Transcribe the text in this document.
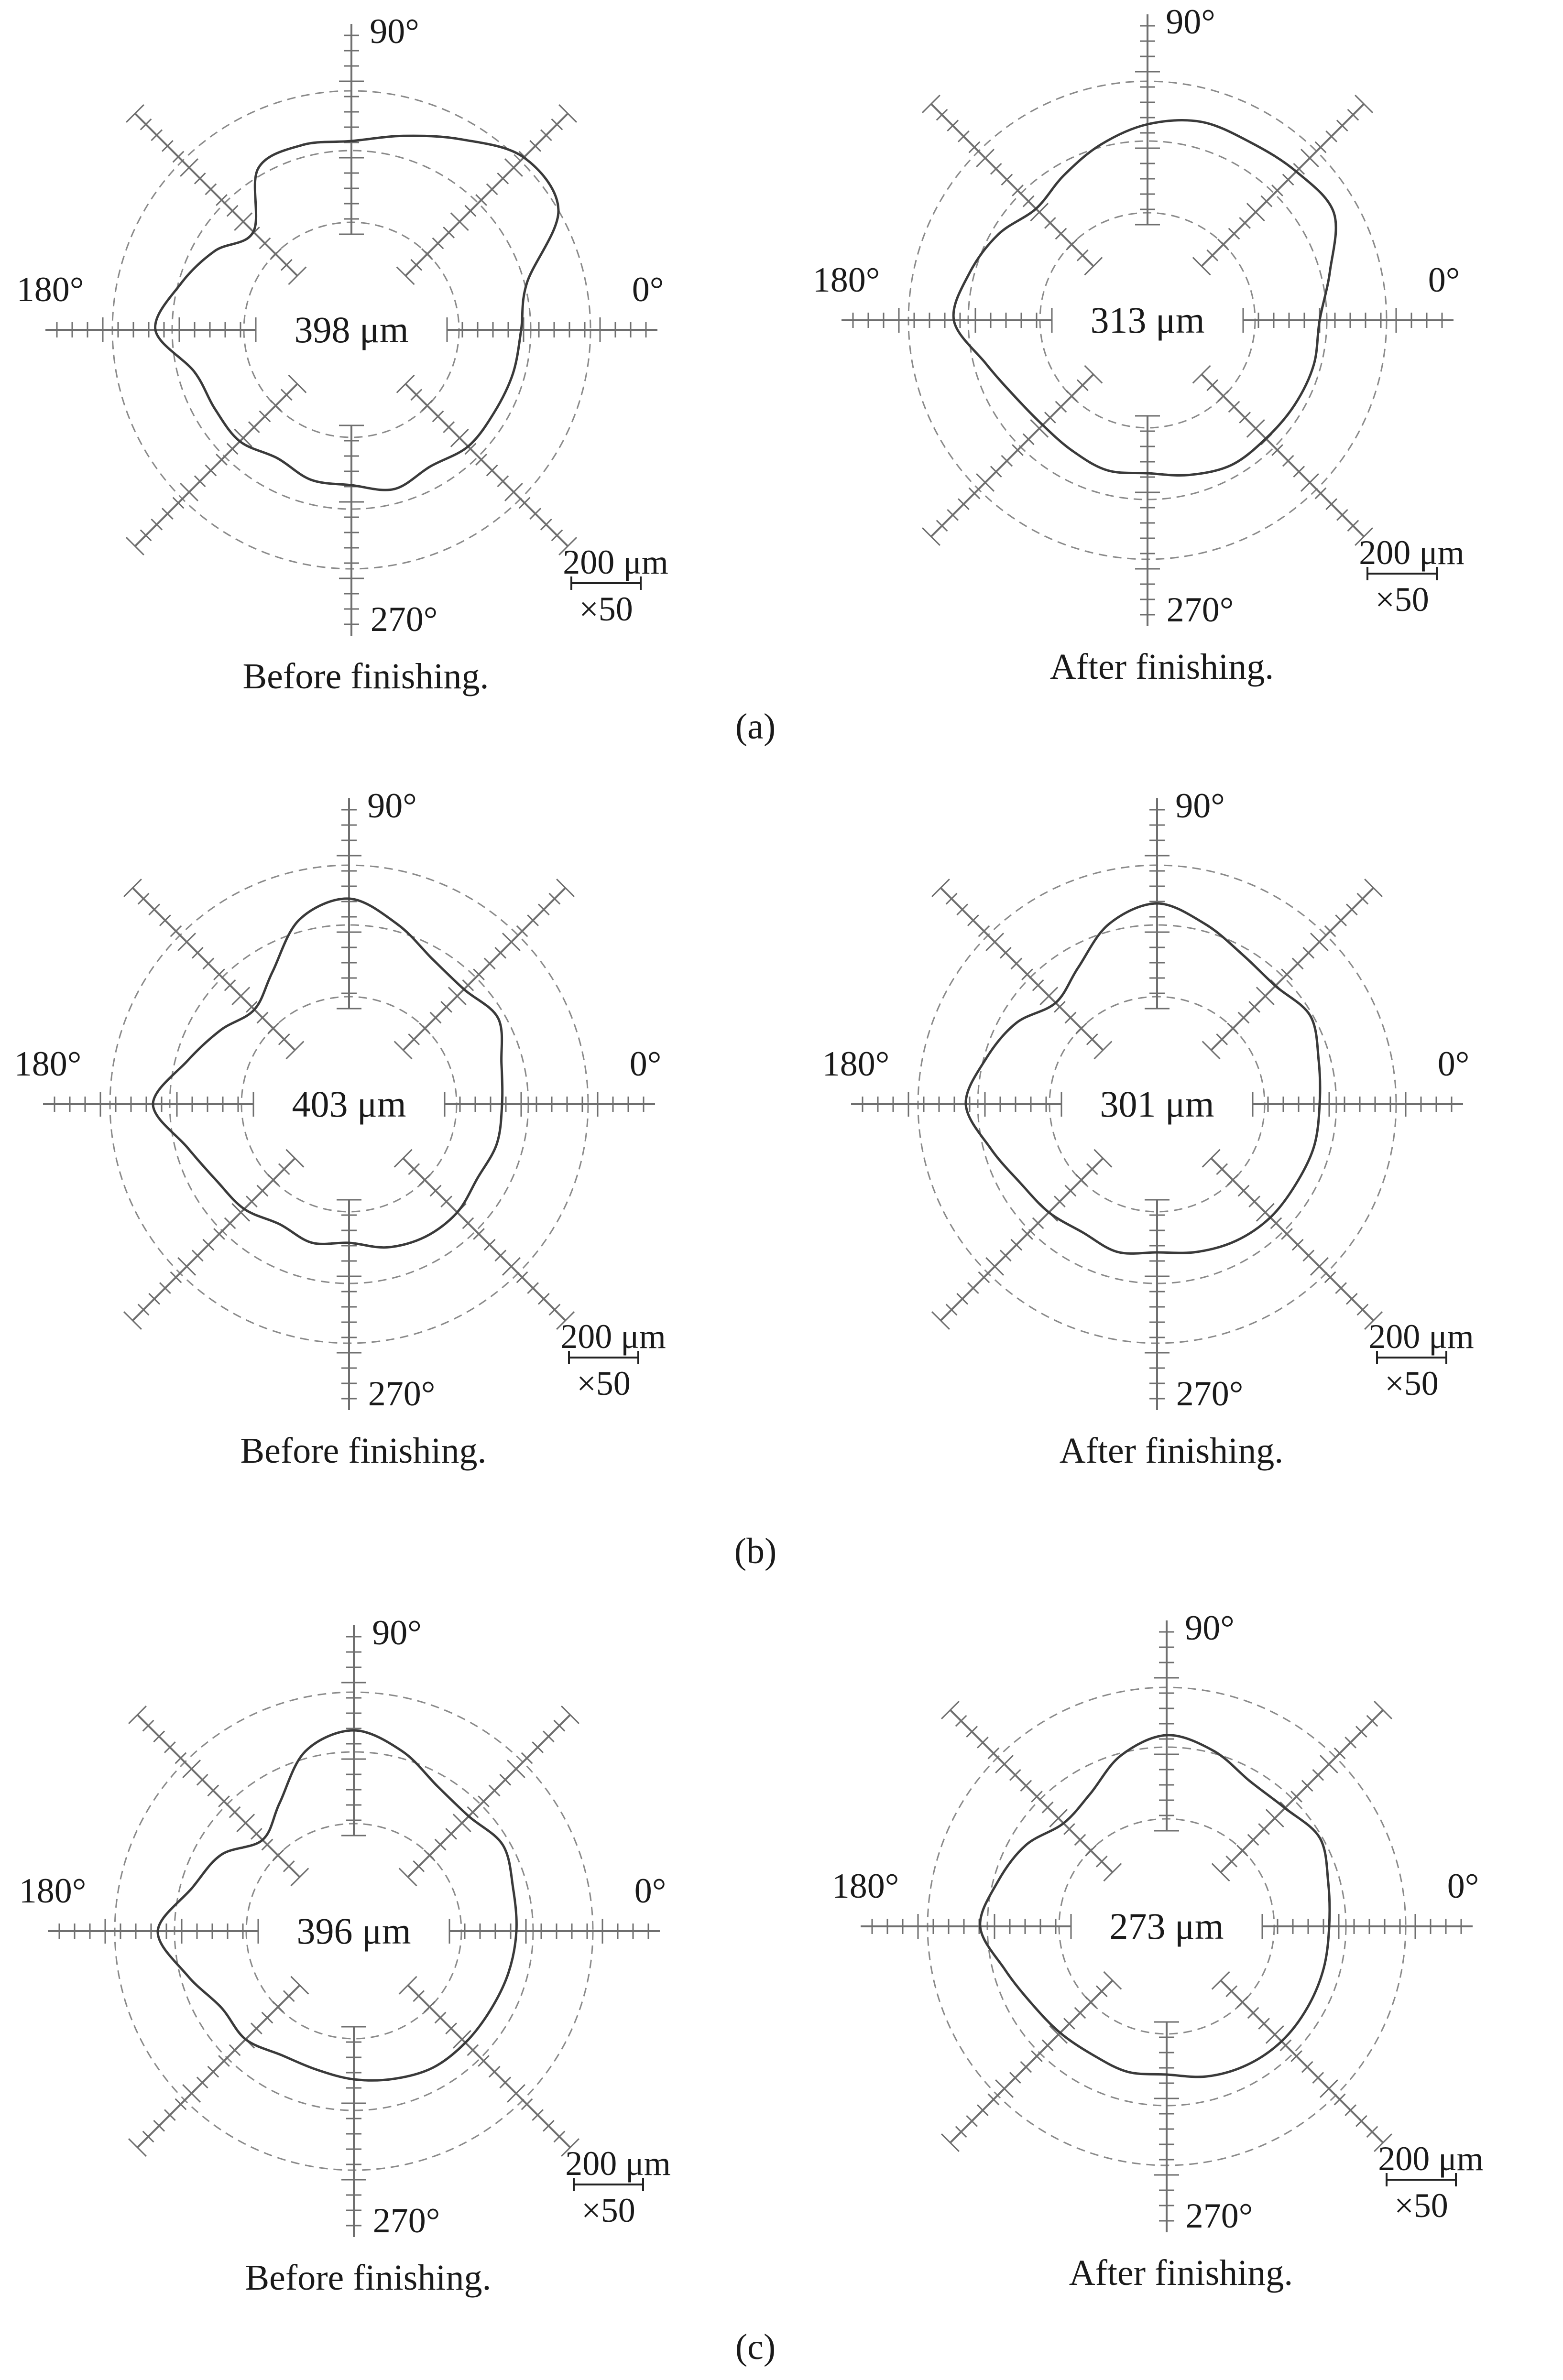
398 μm
0°
90°
180°
270°
200 μm
×50
Before finishing.
313 μm
0°
90°
180°
270°
200 μm
×50
After finishing.
403 μm
0°
90°
180°
270°
200 μm
×50
Before finishing.
301 μm
0°
90°
180°
270°
200 μm
×50
After finishing.
396 μm
0°
90°
180°
270°
200 μm
×50
Before finishing.
273 μm
0°
90°
180°
270°
200 μm
×50
After finishing.
(a)
(b)
(c)
